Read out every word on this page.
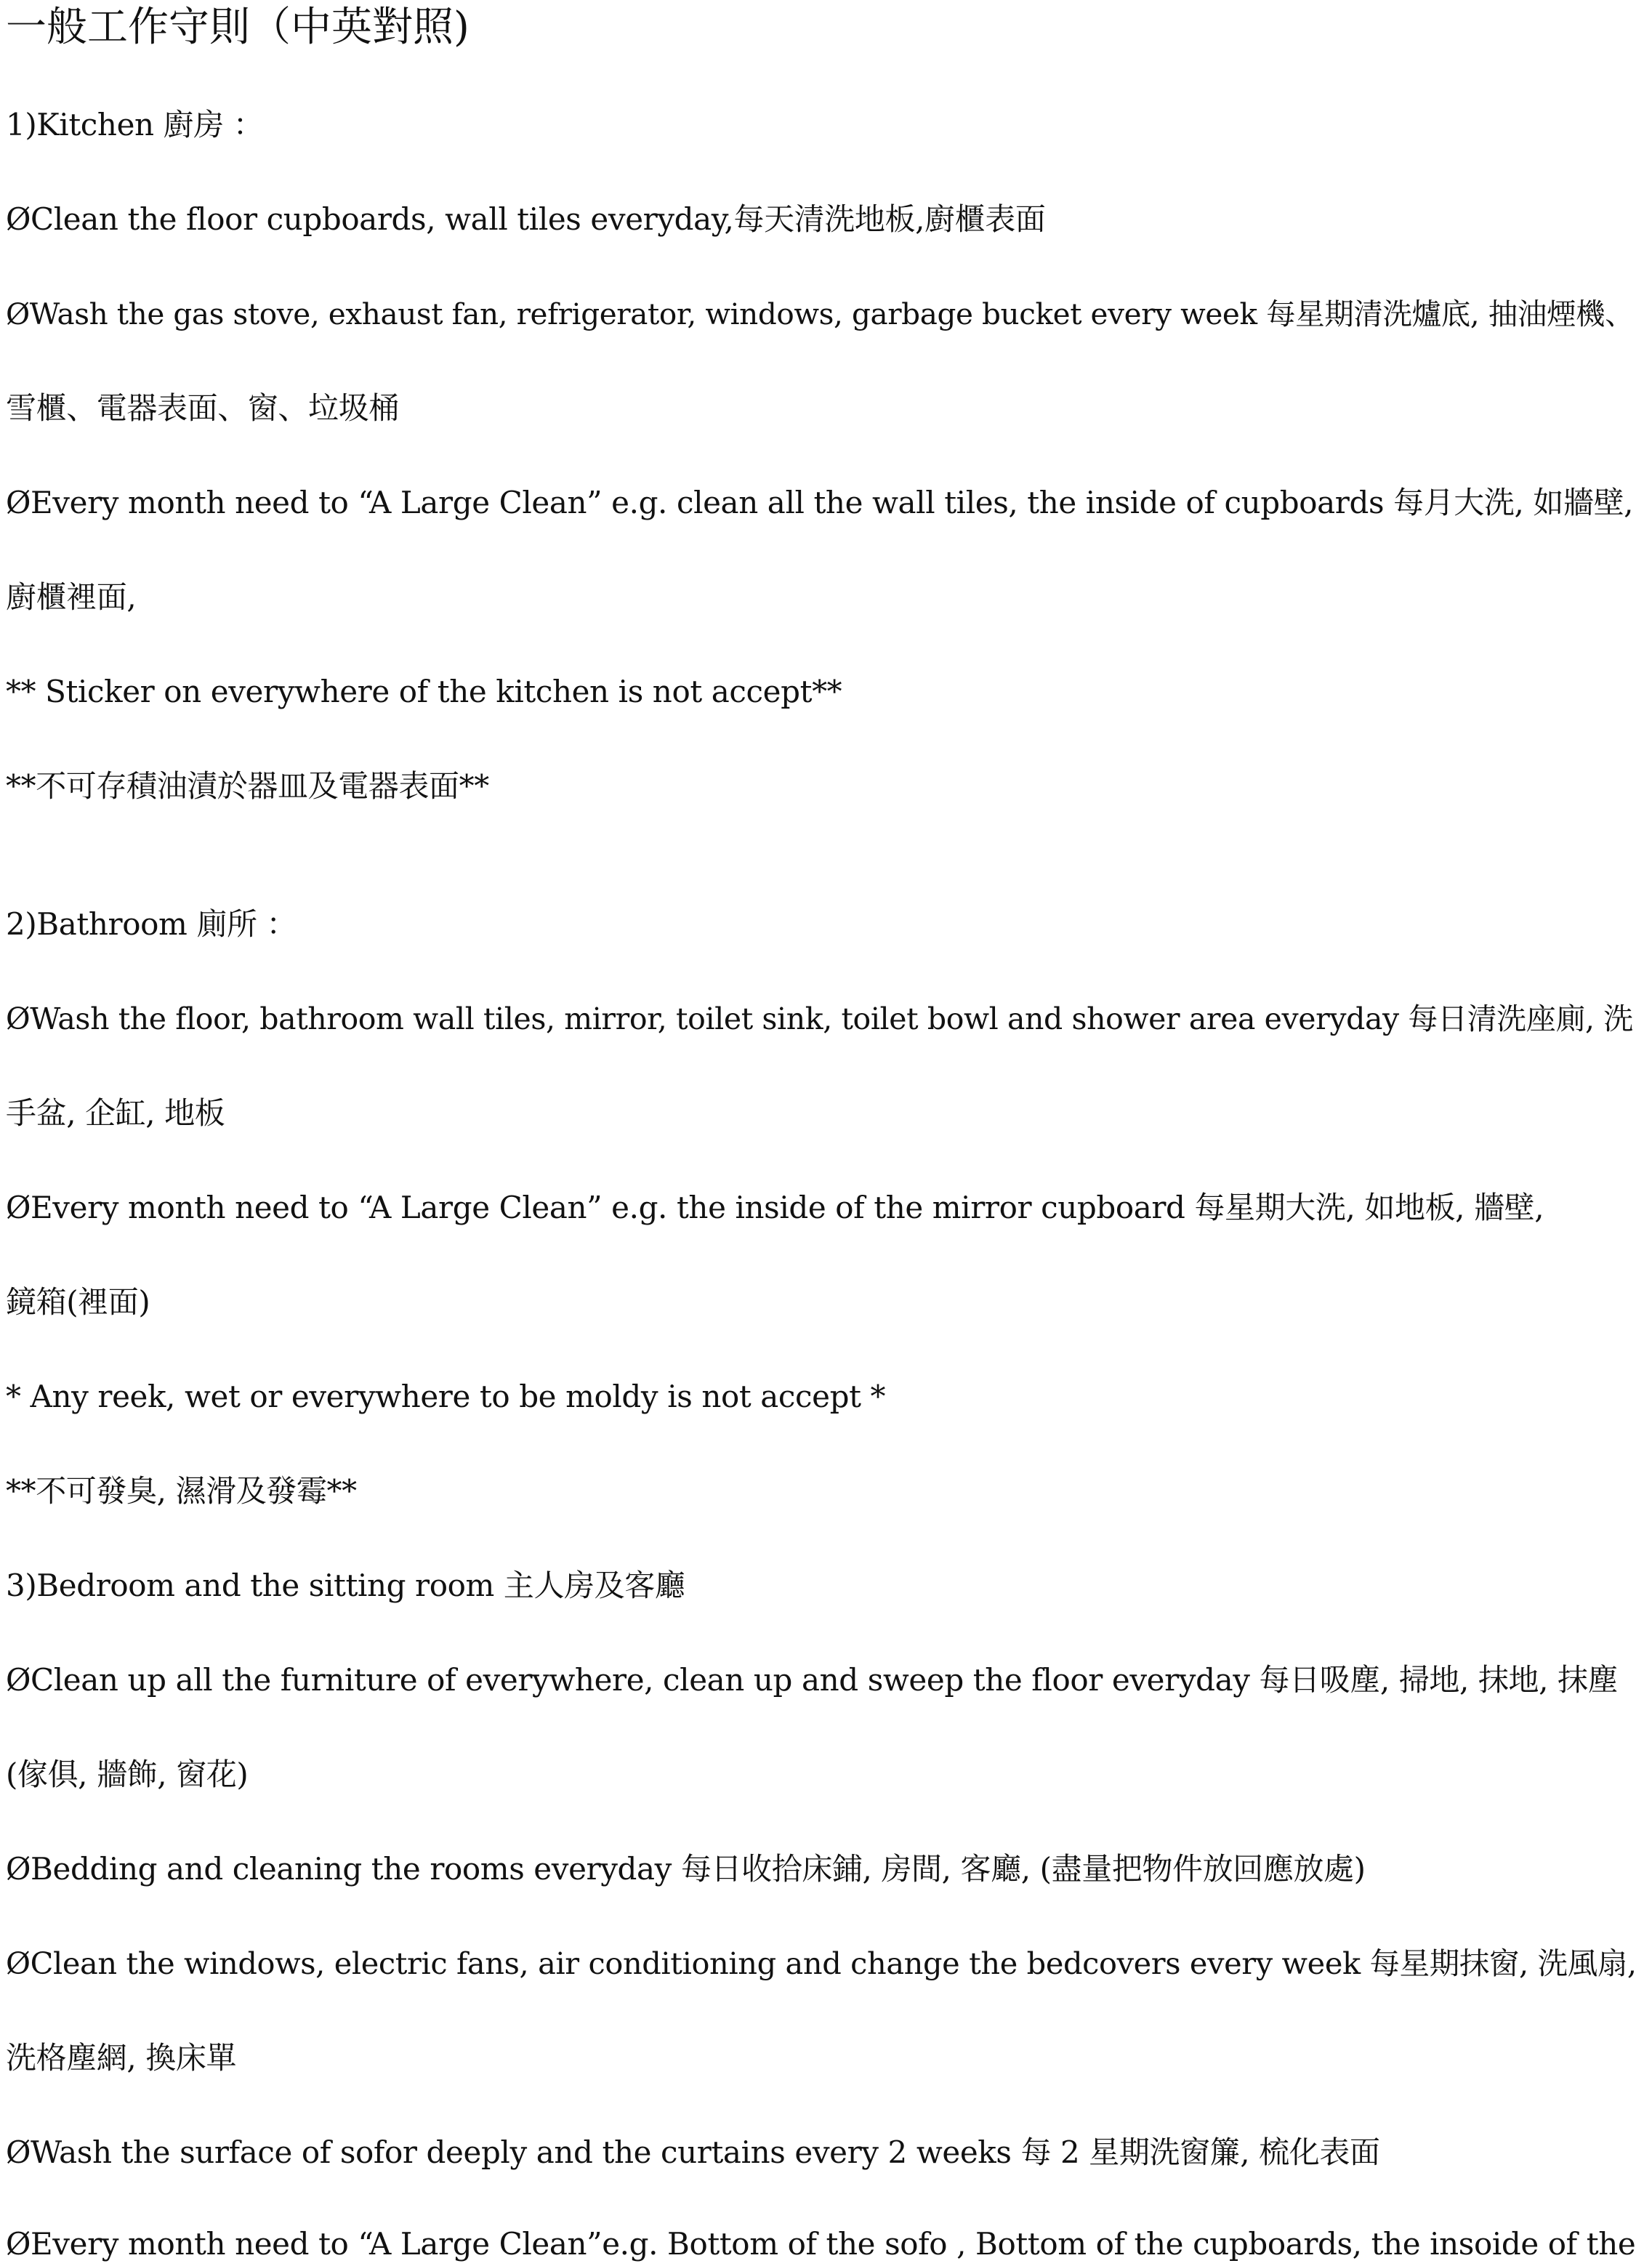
一般工作守則（中英對照)

1)Kitchen 廚房 ：

ØClean the floor cupboards, wall tiles everyday,每天清洗地板,廚櫃表面

ØWash the gas stove, exhaust fan, refrigerator, windows, garbage bucket every week 每星期清洗爐底, 抽油煙機、

雪櫃、電器表面、窗、垃圾桶

ØEvery month need to “A Large Clean” e.g. clean all the wall tiles, the inside of cupboards 每月大洗, 如牆壁,

廚櫃裡面,

** Sticker on everywhere of the kitchen is not accept**

**不可存積油漬於器皿及電器表面**

2)Bathroom 廁所 ：

ØWash the floor, bathroom wall tiles, mirror, toilet sink, toilet bowl and shower area everyday 每日清洗座廁, 洗

手盆, 企缸, 地板

ØEvery month need to “A Large Clean” e.g. the inside of the mirror cupboard 每星期大洗, 如地板, 牆壁,

鏡箱(裡面)

* Any reek, wet or everywhere to be moldy is not accept *

**不可發臭, 濕滑及發霉**

3)Bedroom and the sitting room 主人房及客廳

ØClean up all the furniture of everywhere, clean up and sweep the floor everyday 每日吸塵, 掃地, 抹地, 抹塵

(傢俱, 牆飾, 窗花)

ØBedding and cleaning the rooms everyday 每日收拾床鋪, 房間, 客廳, (盡量把物件放回應放處)

ØClean the windows, electric fans, air conditioning and change the bedcovers every week 每星期抹窗, 洗風扇,

洗格塵網, 換床單

ØWash the surface of sofor deeply and the curtains every 2 weeks 每 2 星期洗窗簾, 梳化表面

ØEvery month need to “A Large Clean”e.g. Bottom of the sofo , Bottom of the cupboards, the insoide of the
